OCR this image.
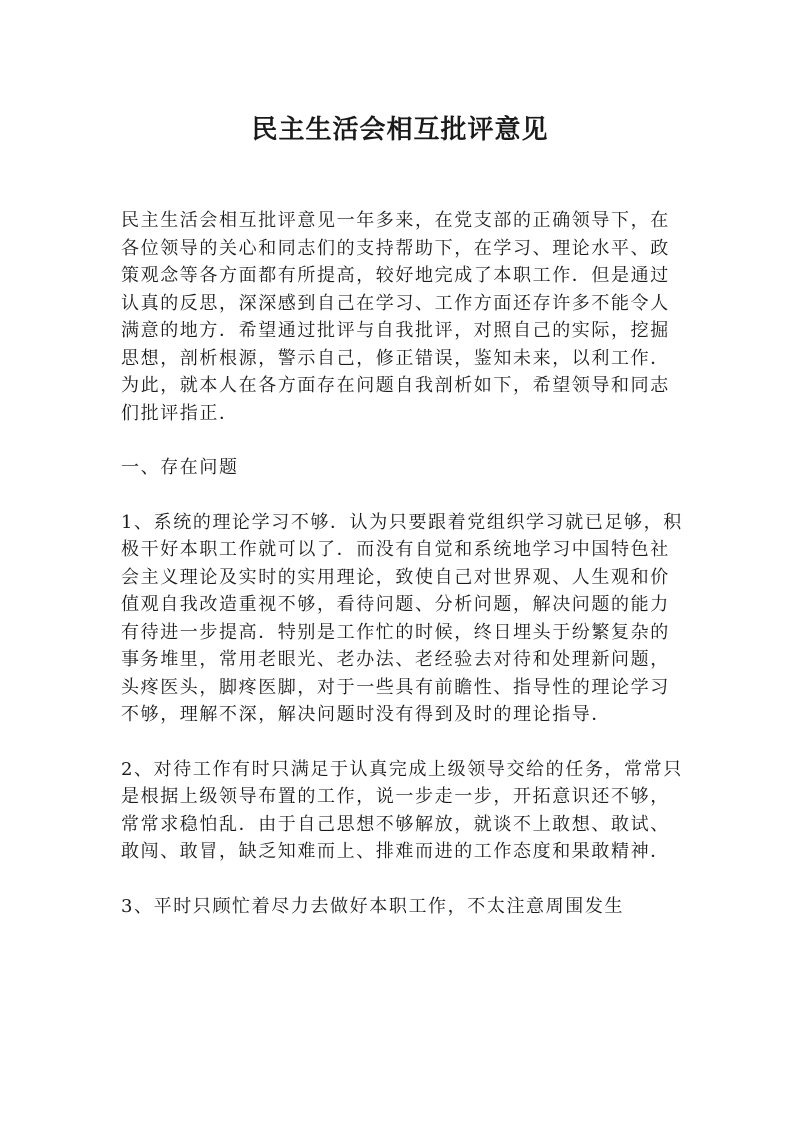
民主生活会相互批评意见

民主生活会相互批评意见一年多来，在党支部的正确领导下，在各位领导的关心和同志们的支持帮助下，在学习、理论水平、政策观念等各方面都有所提高，较好地完成了本职工作．但是通过认真的反思，深深感到自己在学习、工作方面还存许多不能令人满意的地方．希望通过批评与自我批评，对照自己的实际，挖掘思想，剖析根源，警示自己，修正错误，鉴知未来，以利工作．为此，就本人在各方面存在问题自我剖析如下，希望领导和同志们批评指正．

一、存在问题

1、系统的理论学习不够．认为只要跟着党组织学习就已足够，积极干好本职工作就可以了．而没有自觉和系统地学习中国特色社会主义理论及实时的实用理论，致使自己对世界观、人生观和价值观自我改造重视不够，看待问题、分析问题，解决问题的能力有待进一步提高．特别是工作忙的时候，终日埋头于纷繁复杂的事务堆里，常用老眼光、老办法、老经验去对待和处理新问题，头疼医头，脚疼医脚，对于一些具有前瞻性、指导性的理论学习不够，理解不深，解决问题时没有得到及时的理论指导．

2、对待工作有时只满足于认真完成上级领导交给的任务，常常只是根据上级领导布置的工作，说一步走一步，开拓意识还不够，常常求稳怕乱．由于自己思想不够解放，就谈不上敢想、敢试、敢闯、敢冒，缺乏知难而上、排难而进的工作态度和果敢精神．

3、平时只顾忙着尽力去做好本职工作，不太注意周围发生
